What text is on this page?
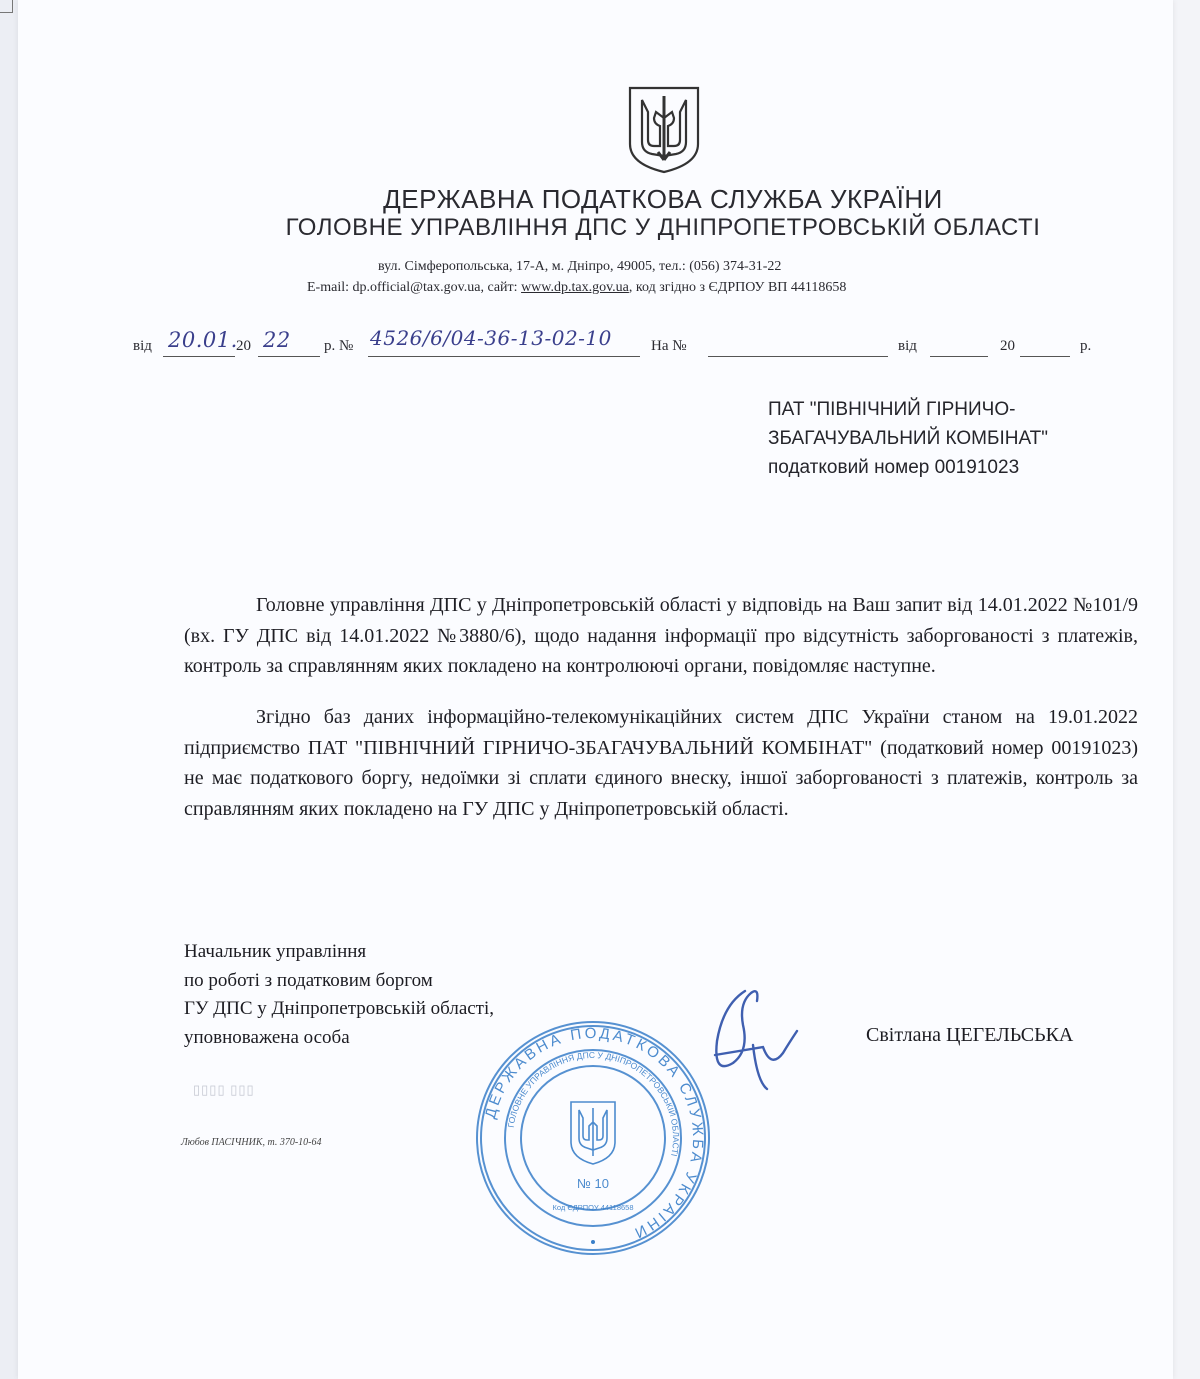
ДЕРЖАВНА ПОДАТКОВА СЛУЖБА УКРАЇНИ
ГОЛОВНЕ УПРАВЛІННЯ ДПС У ДНІПРОПЕТРОВСЬКІЙ ОБЛАСТІ
вул. Сімферопольська, 17-А, м. Дніпро, 49005, тел.: (056) 374-31-22
E-mail: dp.official@tax.gov.ua, сайт: www.dp.tax.gov.ua, код згідно з ЄДРПОУ ВП 44118658
від 20.01.
20 22 р. № 4526/6/04-36-13-02-10	На №	від	20	р.
ПАТ "ПІВНІЧНИЙ ГІРНИЧО-
ЗБАГАЧУВАЛЬНИЙ КОМБІНАТ"
податковий номер 00191023
Головне управління ДПС у Дніпропетровській області у відповідь на Ваш запит від 14.01.2022 №101/9 (вх. ГУ ДПС від 14.01.2022 №3880/6), щодо надання інформації про відсутність заборгованості з платежів, контроль за справлянням яких покладено на контролюючі органи, повідомляє наступне.
Згідно баз даних інформаційно-телекомунікаційних систем ДПС України станом на 19.01.2022 підприємство ПАТ "ПІВНІЧНИЙ ГІРНИЧО-ЗБАГАЧУВАЛЬНИЙ КОМБІНАТ" (податковий номер 00191023) не має податкового боргу, недоїмки зі сплати єдиного внеску, іншої заборгованості з платежів, контроль за справлянням яких покладено на ГУ ДПС у Дніпропетровській області.
Начальник управління
по роботі з податковим боргом
ГУ ДПС у Дніпропетровській області,
уповноважена особа	Світлана ЦЕГЕЛЬСЬКА
ДЕРЖАВНА ПОДАТКОВА СЛУЖБА УКРАЇНИ
ГОЛОВНЕ УПРАВЛІННЯ ДПС У ДНІПРОПЕТРОВСЬКІЙ ОБЛАСТІ
№ 10
Код ЄДРПОУ 44118658
▯▯▯▯ ▯▯▯
Любов ПАСІЧНИК, т. 370-10-64
